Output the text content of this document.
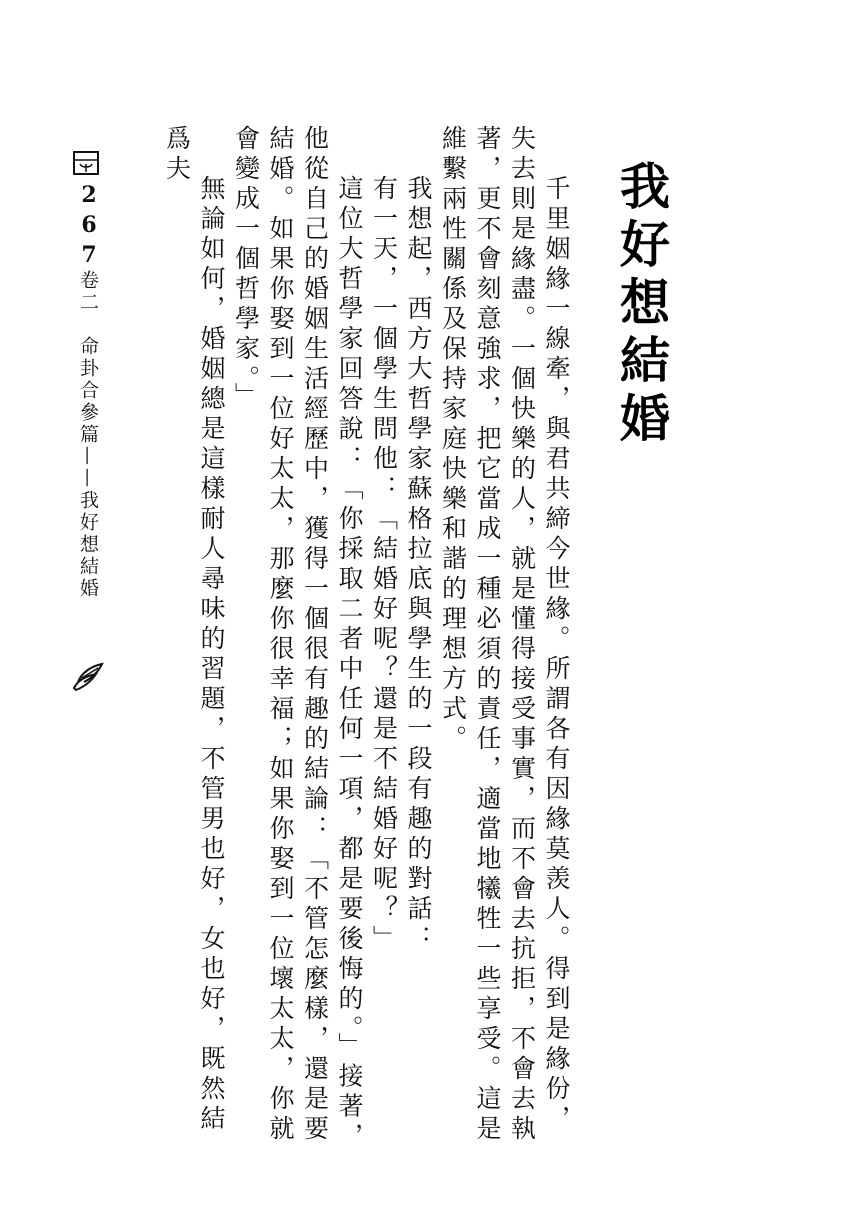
我好想結婚

千里姻緣一線牽，與君共締今世緣。所謂各有因緣莫羡人。得到是緣份，失去則是緣盡。一個快樂的人，就是懂得接受事實，而不會去抗拒，不會去執著，更不會刻意強求，把它當成一種必須的責任，適當地犧牲一些享受。這是維繫兩性關係及保持家庭快樂和諧的理想方式。

我想起，西方大哲學家蘇格拉底與學生的一段有趣的對話：

有一天，一個學生問他：「結婚好呢？還是不結婚好呢？」

這位大哲學家回答說：「你採取二者中任何一項，都是要後悔的。」接著，他從自己的婚姻生活經歷中，獲得一個很有趣的結論：「不管怎麼樣，還是要結婚。如果你娶到一位好太太，那麼你很幸福；如果你娶到一位壞太太，你就會變成一個哲學家。」

無論如何，婚姻總是這樣耐人尋味的習題，不管男也好，女也好，既然結爲夫

267
卷二　命卦合參篇——我好想結婚
